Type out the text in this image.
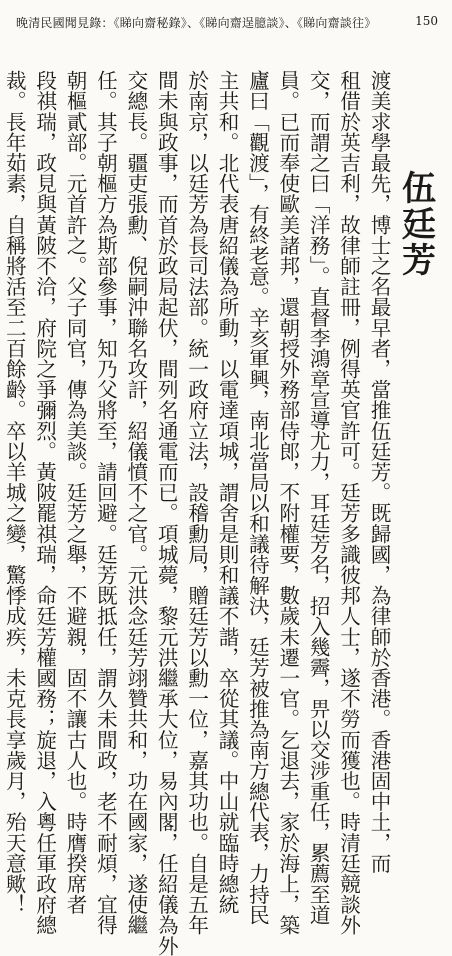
晚清民國聞見錄：《睇向齋秘錄》、《睇向齋逞臆談》、《睇向齋談往》	150
伍廷芳
渡美求學最先，博士之名最早者，當推伍廷芳。既歸國，為律師於香港。香港固中土，而
租借於英吉利，故律師註冊，例得英官許可。廷芳多識彼邦人士，遂不勞而獲也。時清廷競談外
交，而謂之曰「洋務」。直督李鴻章宣導尤力，耳廷芳名，招入幾霽，畀以交涉重任，累薦至道
員。已而奉使歐美諸邦，還朝授外務部侍郎，不附權要，數歲未遷一官。乞退去，家於海上，築
廬曰「觀渡」，有終老意。辛亥軍興，南北當局以和議待解決，廷芳被推為南方總代表，力持民
主共和。北代表唐紹儀為所動，以電達項城，謂舍是則和議不諧，卒從其議。中山就臨時總統
於南京，以廷芳為長司法部。統一政府立法，設稽勳局，贈廷芳以勳一位，嘉其功也。自是五年
間未與政事，而首於政局起伏，間列名通電而已。項城薨，黎元洪繼承大位，易內閣，任紹儀為外
交總長。疆吏張勳、倪嗣沖聯名攻訐，紹儀憤不之官。元洪念廷芳翊贊共和，功在國家，遂使繼
任。其子朝樞方為斯部參事，知乃父將至，請回避。廷芳既抵任，謂久未間政，老不耐煩，宜得
朝樞貳部。元首許之。父子同官，傳為美談。廷芳之舉，不避親，固不讓古人也。時膺揆席者
段祺瑞，政見與黃陂不洽，府院之爭彌烈。黃陂罷祺瑞，命廷芳權國務；旋退，入粵任軍政府總
裁。長年茹素，自稱將活至二百餘齡。卒以羊城之變，驚悸成疾，未克長享歲月，殆天意歟！
